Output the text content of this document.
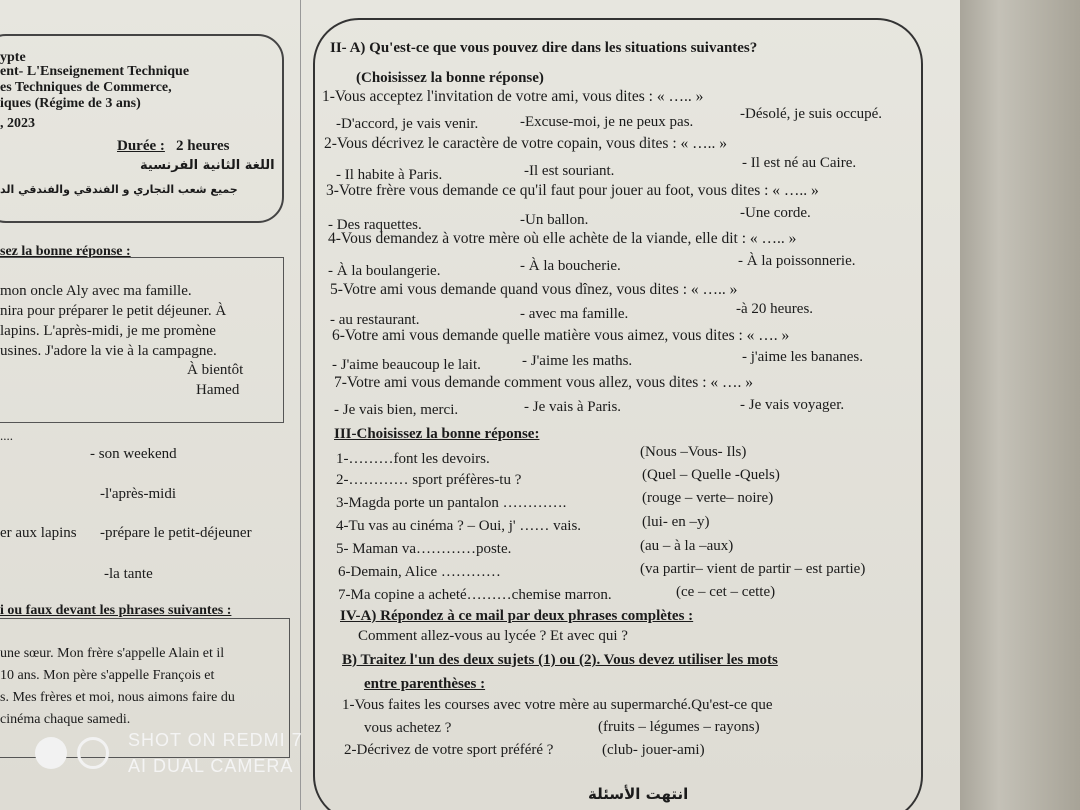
ypte
ent- L'Enseignement Technique
es Techniques de Commerce,
iques (Régime de 3 ans)
, 2023
Durée : 2 heures
اللغة الثانية الفرنسية
جميع شعب التجاري و الفندقي والفندقي الد
sez la bonne réponse :
mon oncle Aly avec ma famille.
nira pour préparer le petit déjeuner. À
lapins. L'après-midi, je me promène
usines. J'adore la vie à la campagne.
À bientôt
Hamed
....
- son weekend
-l'après-midi
er aux lapins -prépare le petit-déjeuner
-la tante
i ou faux devant les phrases suivantes :
une sœur. Mon frère s'appelle Alain et il
10 ans. Mon père s'appelle François et
s. Mes frères et moi, nous aimons faire du
cinéma chaque samedi.
II- A) Qu'est-ce que vous pouvez dire dans les situations suivantes?
(Choisissez la bonne réponse)
1-Vous acceptez l'invitation de votre ami, vous dites : « ….. »
-D'accord, je vais venir.	-Excuse-moi, je ne peux pas.	-Désolé, je suis occupé.
2-Vous décrivez le caractère de votre copain, vous dites : « ….. »
- Il habite à Paris.	-Il est souriant.	- Il est né au Caire.
3-Votre frère vous demande ce qu'il faut pour jouer au foot, vous dites : « ….. »
- Des raquettes.	-Un ballon.	-Une corde.
4-Vous demandez à votre mère où elle achète de la viande, elle dit : « ….. »
- À la boulangerie.	- À la boucherie.	- À la poissonnerie.
5-Votre ami vous demande quand vous dînez, vous dites : « ….. »
- au restaurant.	- avec ma famille.	-à 20 heures.
6-Votre ami vous demande quelle matière vous aimez, vous dites : « …. »
- J'aime beaucoup le lait.	- J'aime les maths.	- j'aime les bananes.
7-Votre ami vous demande comment vous allez, vous dites : « …. »
- Je vais bien, merci.	- Je vais à Paris.	- Je vais voyager.
III-Choisissez la bonne réponse:
1-………font les devoirs.	(Nous –Vous- Ils)
2-………… sport préfères-tu ?	(Quel – Quelle -Quels)
3-Magda porte un pantalon ………….	(rouge – verte– noire)
4-Tu vas au cinéma ? – Oui, j' …… vais.	(lui- en –y)
5- Maman va…………poste.	(au – à la –aux)
6-Demain, Alice …………	(va partir– vient de partir – est partie)
7-Ma copine a acheté………chemise marron.	(ce – cet – cette)
IV-A) Répondez à ce mail par deux phrases complètes :
Comment allez-vous au lycée ? Et avec qui ?
B) Traitez l'un des deux sujets (1) ou (2). Vous devez utiliser les mots
entre parenthèses :
1-Vous faites les courses avec votre mère au supermarché.Qu'est-ce que
vous achetez ?	(fruits – légumes – rayons)
2-Décrivez de votre sport préféré ?	(club- jouer-ami)
انتهت الأسئلة
SHOT ON REDMI 7
AI DUAL CAMERA
